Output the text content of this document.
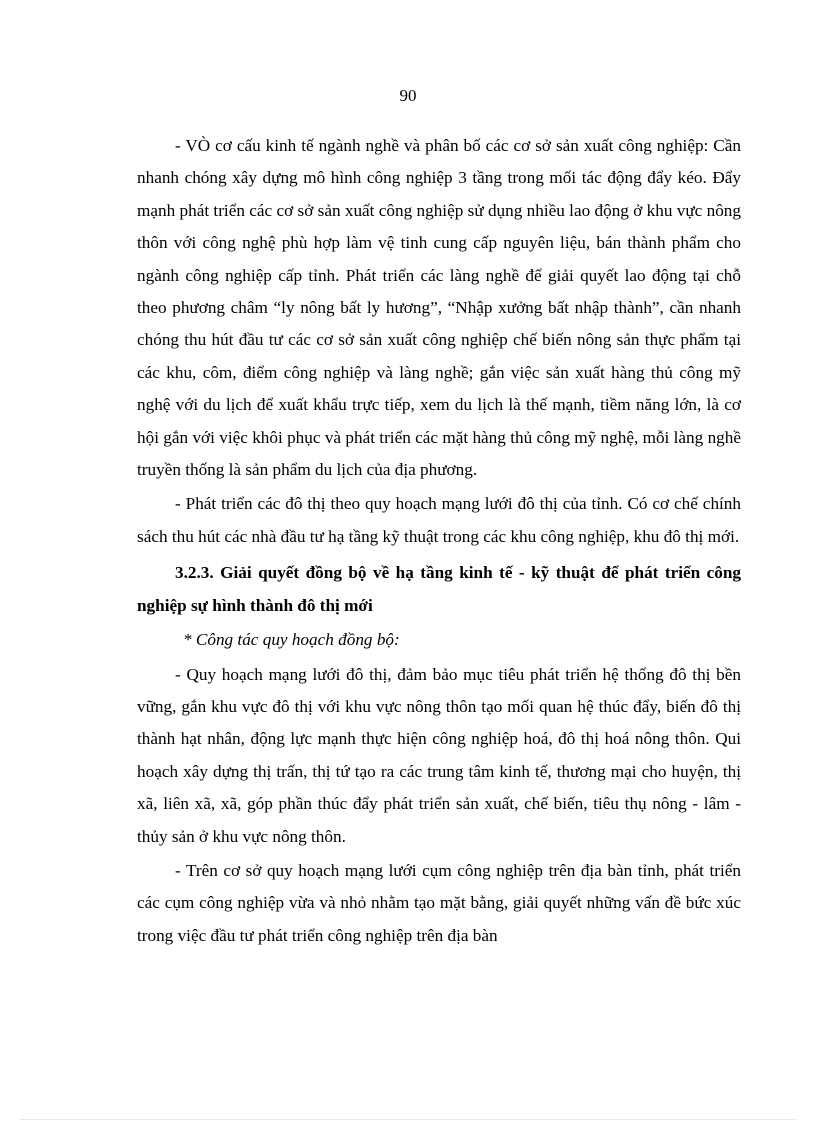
90

- VÒ cơ cấu kinh tế ngành nghề và phân bố các cơ sở sản xuất công nghiệp: Cần nhanh chóng xây dựng mô hình công nghiệp 3 tầng trong mối tác động đẩy kéo. Đẩy mạnh phát triển các cơ sở sản xuất công nghiệp sử dụng nhiều lao động ở khu vực nông thôn với công nghệ phù hợp làm vệ tinh cung cấp nguyên liệu, bán thành phẩm cho ngành công nghiệp cấp tỉnh. Phát triển các làng nghề để giải quyết lao động tại chỗ theo phương châm “ly nông bất ly hương”, “Nhập xưởng bất nhập thành”, cần nhanh chóng thu hút đầu tư các cơ sở sản xuất công nghiệp chế biến nông sản thực phẩm tại các khu, côm, điểm công nghiệp và làng nghề; gắn việc sản xuất hàng thủ công mỹ nghệ với du lịch để xuất khẩu trực tiếp, xem du lịch là thế mạnh, tiềm năng lớn, là cơ hội gắn với việc khôi phục và phát triển các mặt hàng thủ công mỹ nghệ, mỗi làng nghề truyền thống là sản phẩm du lịch của địa phương.

- Phát triển các đô thị theo quy hoạch mạng lưới đô thị của tỉnh. Có cơ chế chính sách thu hút các nhà đầu tư hạ tầng kỹ thuật trong các khu công nghiệp, khu đô thị mới.

3.2.3. Giải quyết đồng bộ về hạ tầng kinh tế - kỹ thuật để phát triển công nghiệp sự hình thành đô thị mới

* Công tác quy hoạch đồng bộ:

- Quy hoạch mạng lưới đô thị, đảm bảo mục tiêu phát triển hệ thống đô thị bền vững, gắn khu vực đô thị với khu vực nông thôn tạo mối quan hệ thúc đẩy, biến đô thị thành hạt nhân, động lực mạnh thực hiện công nghiệp hoá, đô thị hoá nông thôn. Qui hoạch xây dựng thị trấn, thị tứ tạo ra các trung tâm kinh tế, thương mại cho huyện, thị xã, liên xã, xã, góp phần thúc đẩy phát triển sản xuất, chế biến, tiêu thụ nông - lâm - thủy sản ở khu vực nông thôn.

- Trên cơ sở quy hoạch mạng lưới cụm công nghiệp trên địa bàn tỉnh, phát triển các cụm công nghiệp vừa và nhỏ nhằm tạo mặt bằng, giải quyết những vấn đề bức xúc trong việc đầu tư phát triển công nghiệp trên địa bàn
